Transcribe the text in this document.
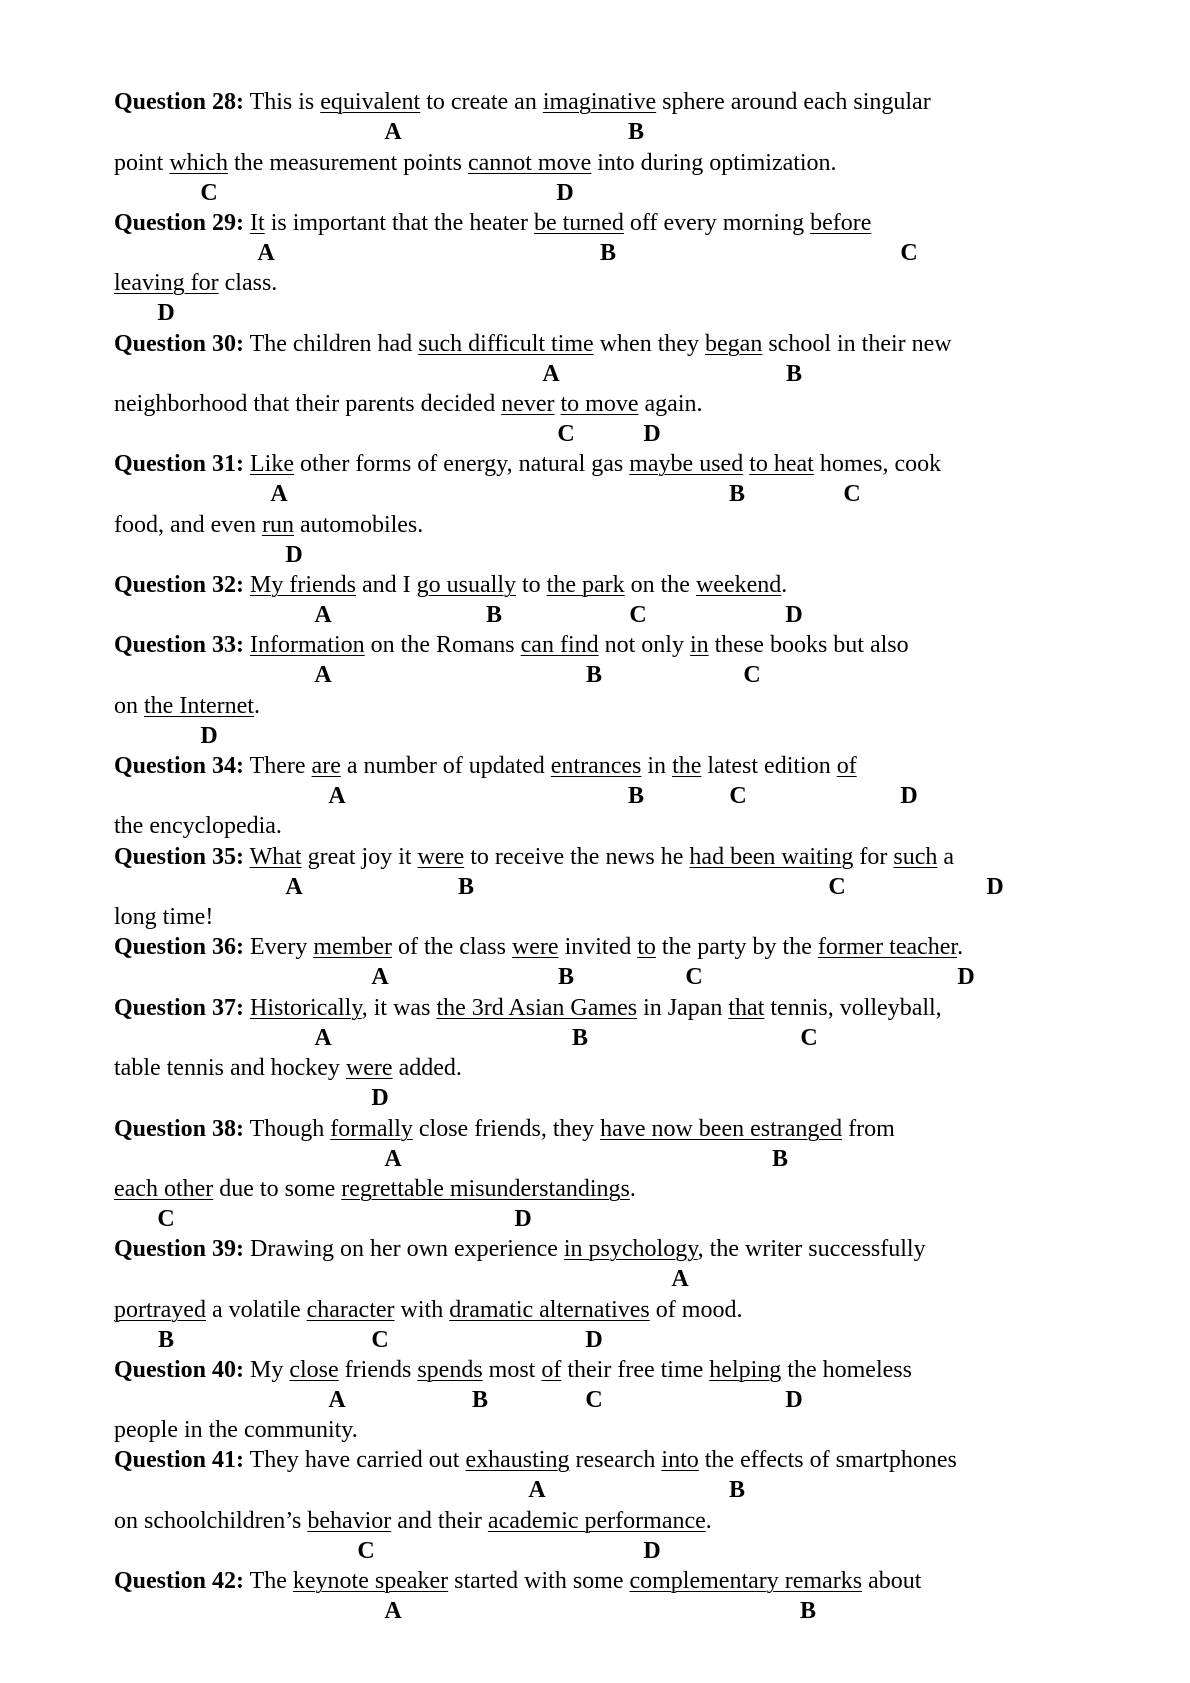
Question 28: This is equivalent to create an imaginative sphere around each singular
point which the measurement points cannot move into during optimization.
A	B
C	D
Question 29: It is important that the heater be turned off every morning before
leaving for class.
A	B	C
D
Question 30: The children had such difficult time when they began school in their new
neighborhood that their parents decided never to move again.
A	B
C	D
Question 31: Like other forms of energy, natural gas maybe used to heat homes, cook
food, and even run automobiles.
A	B	C
D
Question 32: My friends and I go usually to the park on the weekend.
A	B	C	D
Question 33: Information on the Romans can find not only in these books but also
on the Internet.
A	B	C
D
Question 34: There are a number of updated entrances in the latest edition of
the encyclopedia.
A	B	C	D
Question 35: What great joy it were to receive the news he had been waiting for such a
long time!
A	B	C	D
Question 36: Every member of the class were invited to the party by the former teacher.
A	B	C	D
Question 37: Historically, it was the 3rd Asian Games in Japan that tennis, volleyball,
table tennis and hockey were added.
A	B	C
D
Question 38: Though formally close friends, they have now been estranged from
each other due to some regrettable misunderstandings.
A	B
C	D
Question 39: Drawing on her own experience in psychology, the writer successfully
portrayed a volatile character with dramatic alternatives of mood.
A
B	C	D
Question 40: My close friends spends most of their free time helping the homeless
people in the community.
A	B	C	D
Question 41: They have carried out exhausting research into the effects of smartphones
on schoolchildren’s behavior and their academic performance.
A	B
C	D
Question 42: The keynote speaker started with some complementary remarks about
A	B
